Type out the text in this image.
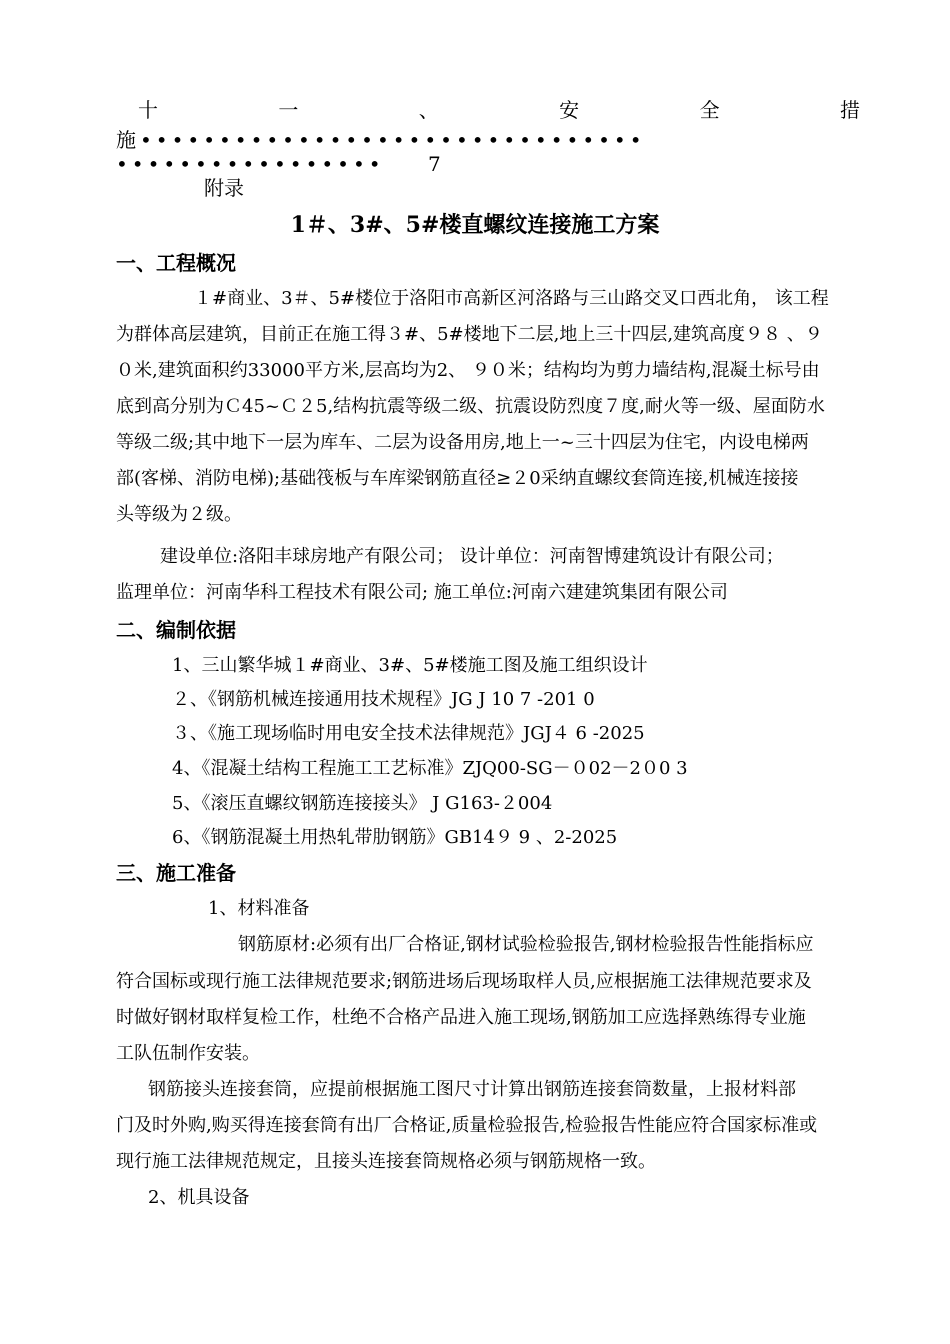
十	一	、	安	全	措
施 ••••••••••••••••••••••••••••••••
•••••••••••••••••	7
附录
1＃、3#、5#楼直螺纹连接施工方案
一、工程概况
１#商业、3＃、5#楼位于洛阳市高新区河洛路与三山路交叉口西北角， 该工程
为群体高层建筑，目前正在施工得３#、5#楼地下二层,地上三十四层,建筑高度９８ 、９
０米,建筑面积约33000平方米,层高均为2、 ９０米；结构均为剪力墙结构,混凝土标号由
底到高分别为Ｃ45~Ｃ２5,结构抗震等级二级、抗震设防烈度７度,耐火等一级、屋面防水
等级二级;其中地下一层为库车、二层为设备用房,地上一~三十四层为住宅，内设电梯两
部(客梯、消防电梯);基础筏板与车库梁钢筋直径≥２0采纳直螺纹套筒连接,机械连接接
头等级为２级。
建设单位:洛阳丰球房地产有限公司； 设计单位：河南智博建筑设计有限公司；
监理单位：河南华科工程技术有限公司; 施工单位:河南六建建筑集团有限公司
二、编制依据
1、三山繁华城１#商业、3#、5#楼施工图及施工组织设计
２、《钢筋机械连接通用技术规程》JG J 10 7 -201 0
３、《施工现场临时用电安全技术法律规范》JGJ４ 6 -2025
4、《混凝土结构工程施工工艺标准》ZJQ00-SG－０02－2０0 3
5、《滚压直螺纹钢筋连接接头》 J G163-２004
6、《钢筋混凝土用热轧带肋钢筋》GB14９ 9 、2-2025
三、施工准备
1、材料准备
钢筋原材:必须有出厂合格证,钢材试验检验报告,钢材检验报告性能指标应
符合国标或现行施工法律规范要求;钢筋进场后现场取样人员,应根据施工法律规范要求及
时做好钢材取样复检工作，杜绝不合格产品进入施工现场,钢筋加工应选择熟练得专业施
工队伍制作安装。
钢筋接头连接套筒，应提前根据施工图尺寸计算出钢筋连接套筒数量，上报材料部
门及时外购,购买得连接套筒有出厂合格证,质量检验报告,检验报告性能应符合国家标准或
现行施工法律规范规定，且接头连接套筒规格必须与钢筋规格一致。
2、机具设备
